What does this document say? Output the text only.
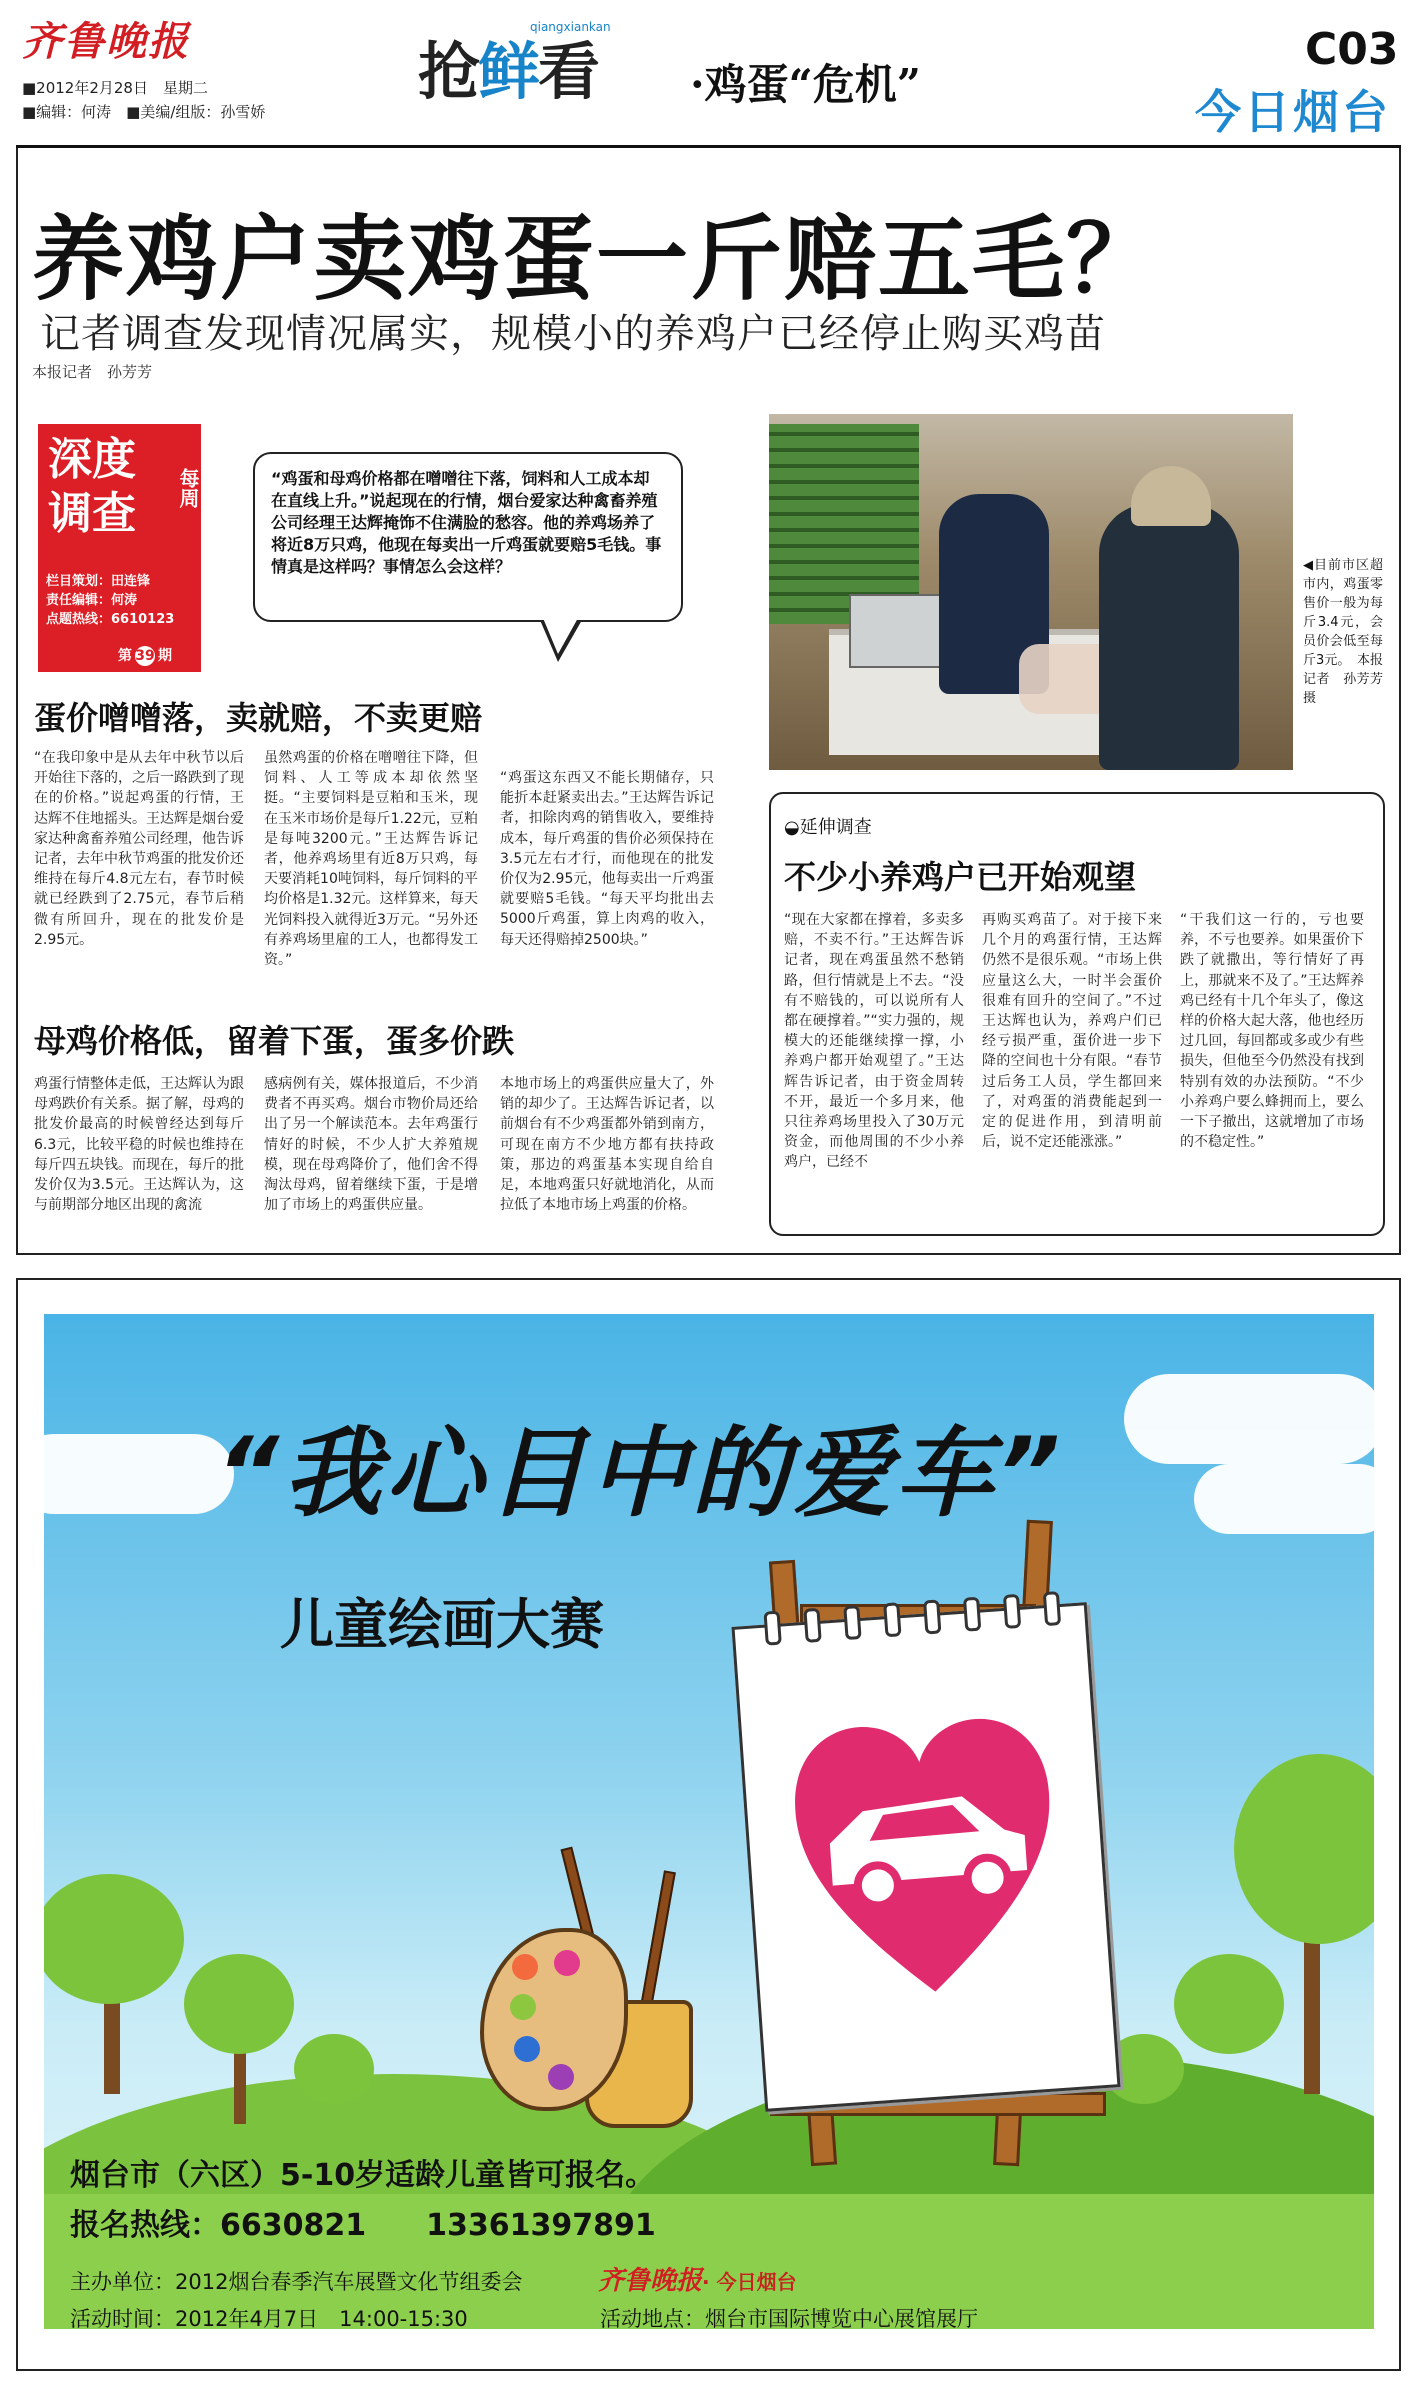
齐鲁晚报
■2012年2月28日　星期二
■编辑：何涛　■美编/组版：孙雪娇
qiangxiankan
抢鲜看 ·鸡蛋“危机”
C03
今日烟台
养鸡户卖鸡蛋一斤赔五毛？
记者调查发现情况属实，规模小的养鸡户已经停止购买鸡苗
本报记者　孙芳芳
深度
调查 每周
栏目策划：田连锋
责任编辑：何涛
点题热线：6610123
第 39 期
“鸡蛋和母鸡价格都在噌噌往下落，饲料和人工成本却在直线上升。”说起现在的行情，烟台爱家达种禽畜养殖公司经理王达辉掩饰不住满脸的愁容。他的养鸡场养了将近8万只鸡，他现在每卖出一斤鸡蛋就要赔5毛钱。事情真是这样吗？事情怎么会这样？
蛋价噌噌落，卖就赔，不卖更赔
“在我印象中是从去年中秋节以后开始往下落的，之后一路跌到了现在的价格。”说起鸡蛋的行情，王达辉不住地摇头。王达辉是烟台爱家达种禽畜养殖公司经理，他告诉记者，去年中秋节鸡蛋的批发价还维持在每斤4.8元左右，春节时候就已经跌到了2.75元，春节后稍微有所回升，现在的批发价是2.95元。
虽然鸡蛋的价格在噌噌往下降，但饲料、人工等成本却依然坚挺。“主要饲料是豆粕和玉米，现在玉米市场价是每斤1.22元，豆粕是每吨3200元。”王达辉告诉记者，他养鸡场里有近8万只鸡，每天要消耗10吨饲料，每斤饲料的平均价格是1.32元。这样算来，每天光饲料投入就得近3万元。“另外还有养鸡场里雇的工人，也都得发工资。”
“鸡蛋这东西又不能长期储存，只能折本赶紧卖出去。”王达辉告诉记者，扣除肉鸡的销售收入，要维持成本，每斤鸡蛋的售价必须保持在3.5元左右才行，而他现在的批发价仅为2.95元，他每卖出一斤鸡蛋就要赔5毛钱。“每天平均批出去5000斤鸡蛋，算上肉鸡的收入，每天还得赔掉2500块。”
母鸡价格低，留着下蛋，蛋多价跌
鸡蛋行情整体走低，王达辉认为跟母鸡跌价有关系。据了解，母鸡的批发价最高的时候曾经达到每斤6.3元，比较平稳的时候也维持在每斤四五块钱。而现在，每斤的批发价仅为3.5元。王达辉认为，这与前期部分地区出现的禽流
感病例有关，媒体报道后，不少消费者不再买鸡。烟台市物价局还给出了另一个解读范本。去年鸡蛋行情好的时候，不少人扩大养殖规模，现在母鸡降价了，他们舍不得淘汰母鸡，留着继续下蛋，于是增加了市场上的鸡蛋供应量。
本地市场上的鸡蛋供应量大了，外销的却少了。王达辉告诉记者，以前烟台有不少鸡蛋都外销到南方，可现在南方不少地方都有扶持政策，那边的鸡蛋基本实现自给自足，本地鸡蛋只好就地消化，从而拉低了本地市场上鸡蛋的价格。
◀目前市区超市内，鸡蛋零售价一般为每斤3.4元，会员价会低至每斤3元。　本报记者　孙芳芳　摄
◒延伸调查
不少小养鸡户已开始观望
“现在大家都在撑着，多卖多赔，不卖不行。”王达辉告诉记者，现在鸡蛋虽然不愁销路，但行情就是上不去。“没有不赔钱的，可以说所有人都在硬撑着。”“实力强的，规模大的还能继续撑一撑，小养鸡户都开始观望了。”王达辉告诉记者，由于资金周转不开，最近一个多月来，他只往养鸡场里投入了30万元资金，而他周围的不少小养鸡户，已经不
再购买鸡苗了。对于接下来几个月的鸡蛋行情，王达辉仍然不是很乐观。“市场上供应量这么大，一时半会蛋价很难有回升的空间了。”不过王达辉也认为，养鸡户们已经亏损严重，蛋价进一步下降的空间也十分有限。“春节过后务工人员，学生都回来了，对鸡蛋的消费能起到一定的促进作用，到清明前后，说不定还能涨涨。”
“干我们这一行的，亏也要养，不亏也要养。如果蛋价下跌了就撒出，等行情好了再上，那就来不及了。”王达辉养鸡已经有十几个年头了，像这样的价格大起大落，他也经历过几回，每回都或多或少有些损失，但他至今仍然没有找到特别有效的办法预防。“不少小养鸡户要么蜂拥而上，要么一下子撤出，这就增加了市场的不稳定性。”
“我心目中的爱车”
儿童绘画大赛
烟台市（六区）5-10岁适龄儿童皆可报名。
报名热线：6630821 13361397891
主办单位：2012烟台春季汽车展暨文化节组委会	齐鲁晚报· 今日烟台
活动时间：2012年4月7日　14:00-15:30	活动地点：烟台市国际博览中心展馆展厅
